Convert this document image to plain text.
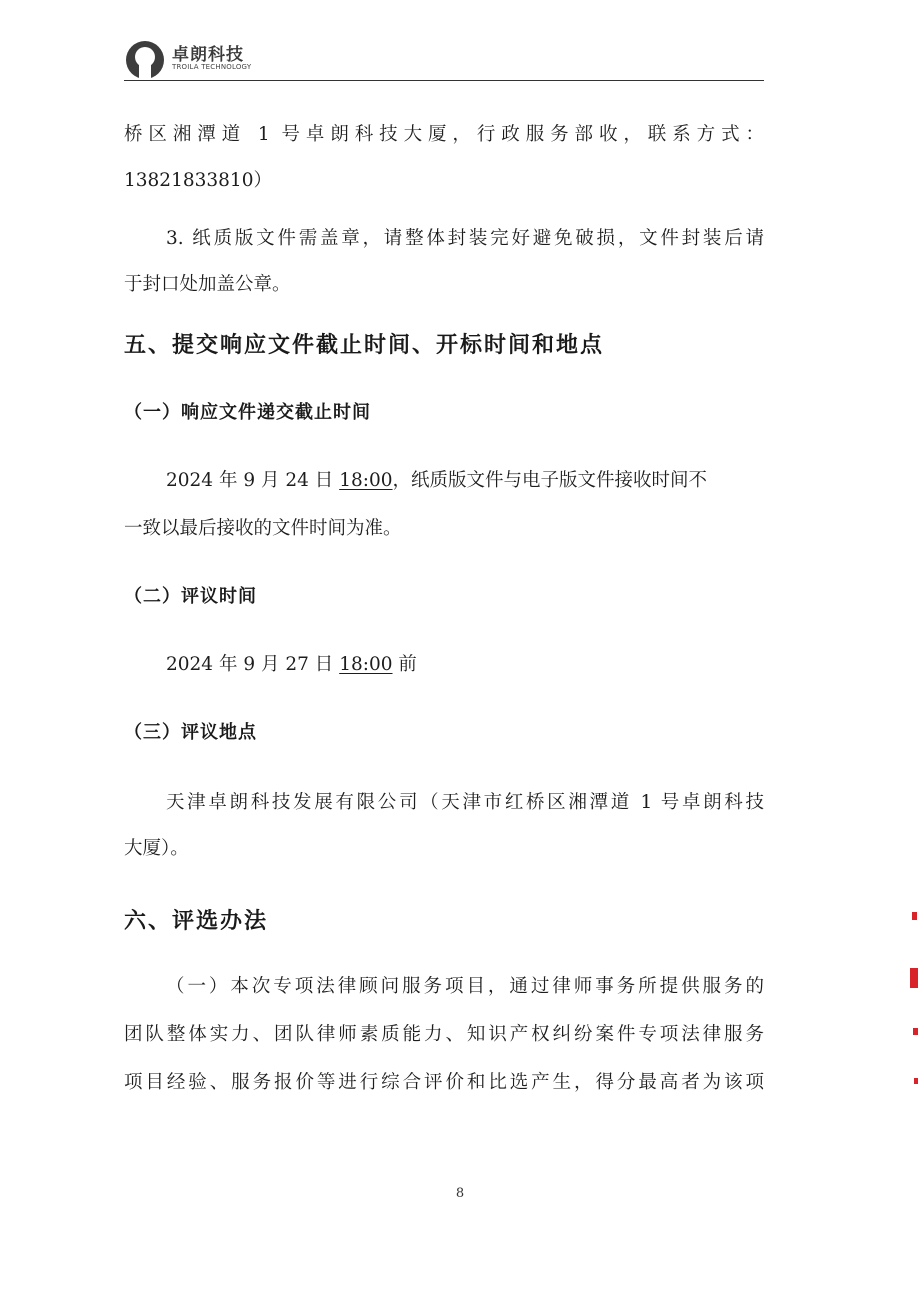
卓朗科技
TROILA TECHNOLOGY
桥区湘潭道 1 号卓朗科技大厦，行政服务部收，联系方式：
13821833810）
3. 纸质版文件需盖章，请整体封装完好避免破损，文件封装后请
于封口处加盖公章。
五、提交响应文件截止时间、开标时间和地点
（一）响应文件递交截止时间
2024 年 9 月 24 日 18:00，纸质版文件与电子版文件接收时间不
一致以最后接收的文件时间为准。
（二）评议时间
2024 年 9 月 27 日 18:00 前
（三）评议地点
天津卓朗科技发展有限公司（天津市红桥区湘潭道 1 号卓朗科技
大厦）。
六、评选办法
（一）本次专项法律顾问服务项目，通过律师事务所提供服务的
团队整体实力、团队律师素质能力、知识产权纠纷案件专项法律服务
项目经验、服务报价等进行综合评价和比选产生，得分最高者为该项
8
